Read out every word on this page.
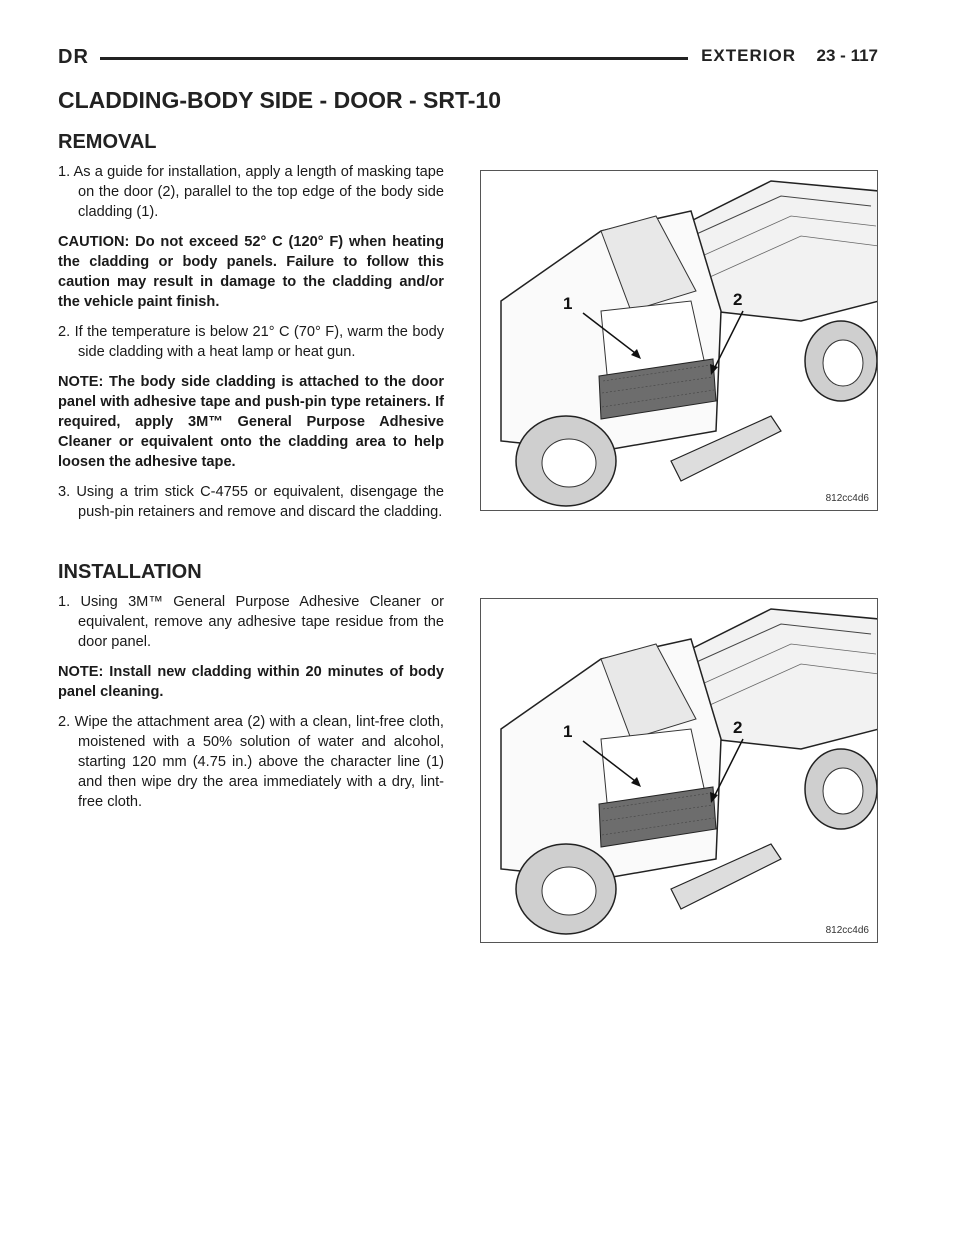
DR	EXTERIOR 23 - 117
CLADDING-BODY SIDE - DOOR - SRT-10
REMOVAL

1. As a guide for installation, apply a length of masking tape on the door (2), parallel to the top edge of the body side cladding (1).

CAUTION: Do not exceed 52° C (120° F) when heating the cladding or body panels. Failure to follow this caution may result in damage to the cladding and/or the vehicle paint finish.

2. If the temperature is below 21° C (70° F), warm the body side cladding with a heat lamp or heat gun.

NOTE: The body side cladding is attached to the door panel with adhesive tape and push-pin type retainers. If required, apply 3M™ General Purpose Adhesive Cleaner or equivalent onto the cladding area to help loosen the adhesive tape.

3. Using a trim stick C-4755 or equivalent, disengage the push-pin retainers and remove and discard the cladding.

INSTALLATION

1. Using 3M™ General Purpose Adhesive Cleaner or equivalent, remove any adhesive tape residue from the door panel.

NOTE: Install new cladding within 20 minutes of body panel cleaning.

2. Wipe the attachment area (2) with a clean, lint-free cloth, moistened with a 50% solution of water and alcohol, starting 120 mm (4.75 in.) above the character line (1) and then wipe dry the area immediately with a dry, lint-free cloth.

1	2
812cc4d6
1	2
812cc4d6
